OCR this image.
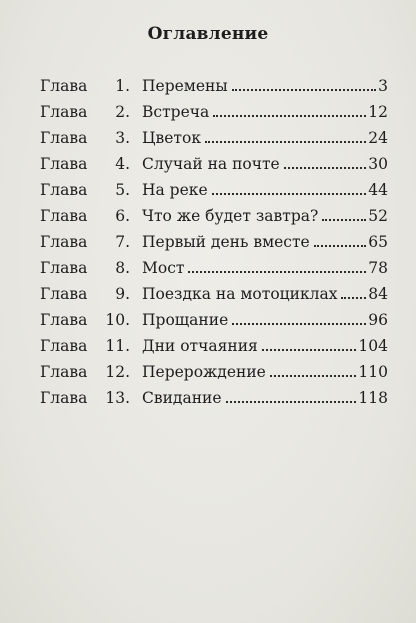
Оглавление
Глава	1. Перемены	3
Глава	2. Встреча	12
Глава	3. Цветок	24
Глава	4. Случай на почте	30
Глава	5. На реке	44
Глава	6. Что же будет завтра?	52
Глава	7. Первый день вместе	65
Глава	8. Мост	78
Глава	9. Поездка на мотоциклах 84
Глава	10. Прощание	96
Глава	11. Дни отчаяния	104
Глава	12. Перерождение	110
Глава	13. Свидание	118
